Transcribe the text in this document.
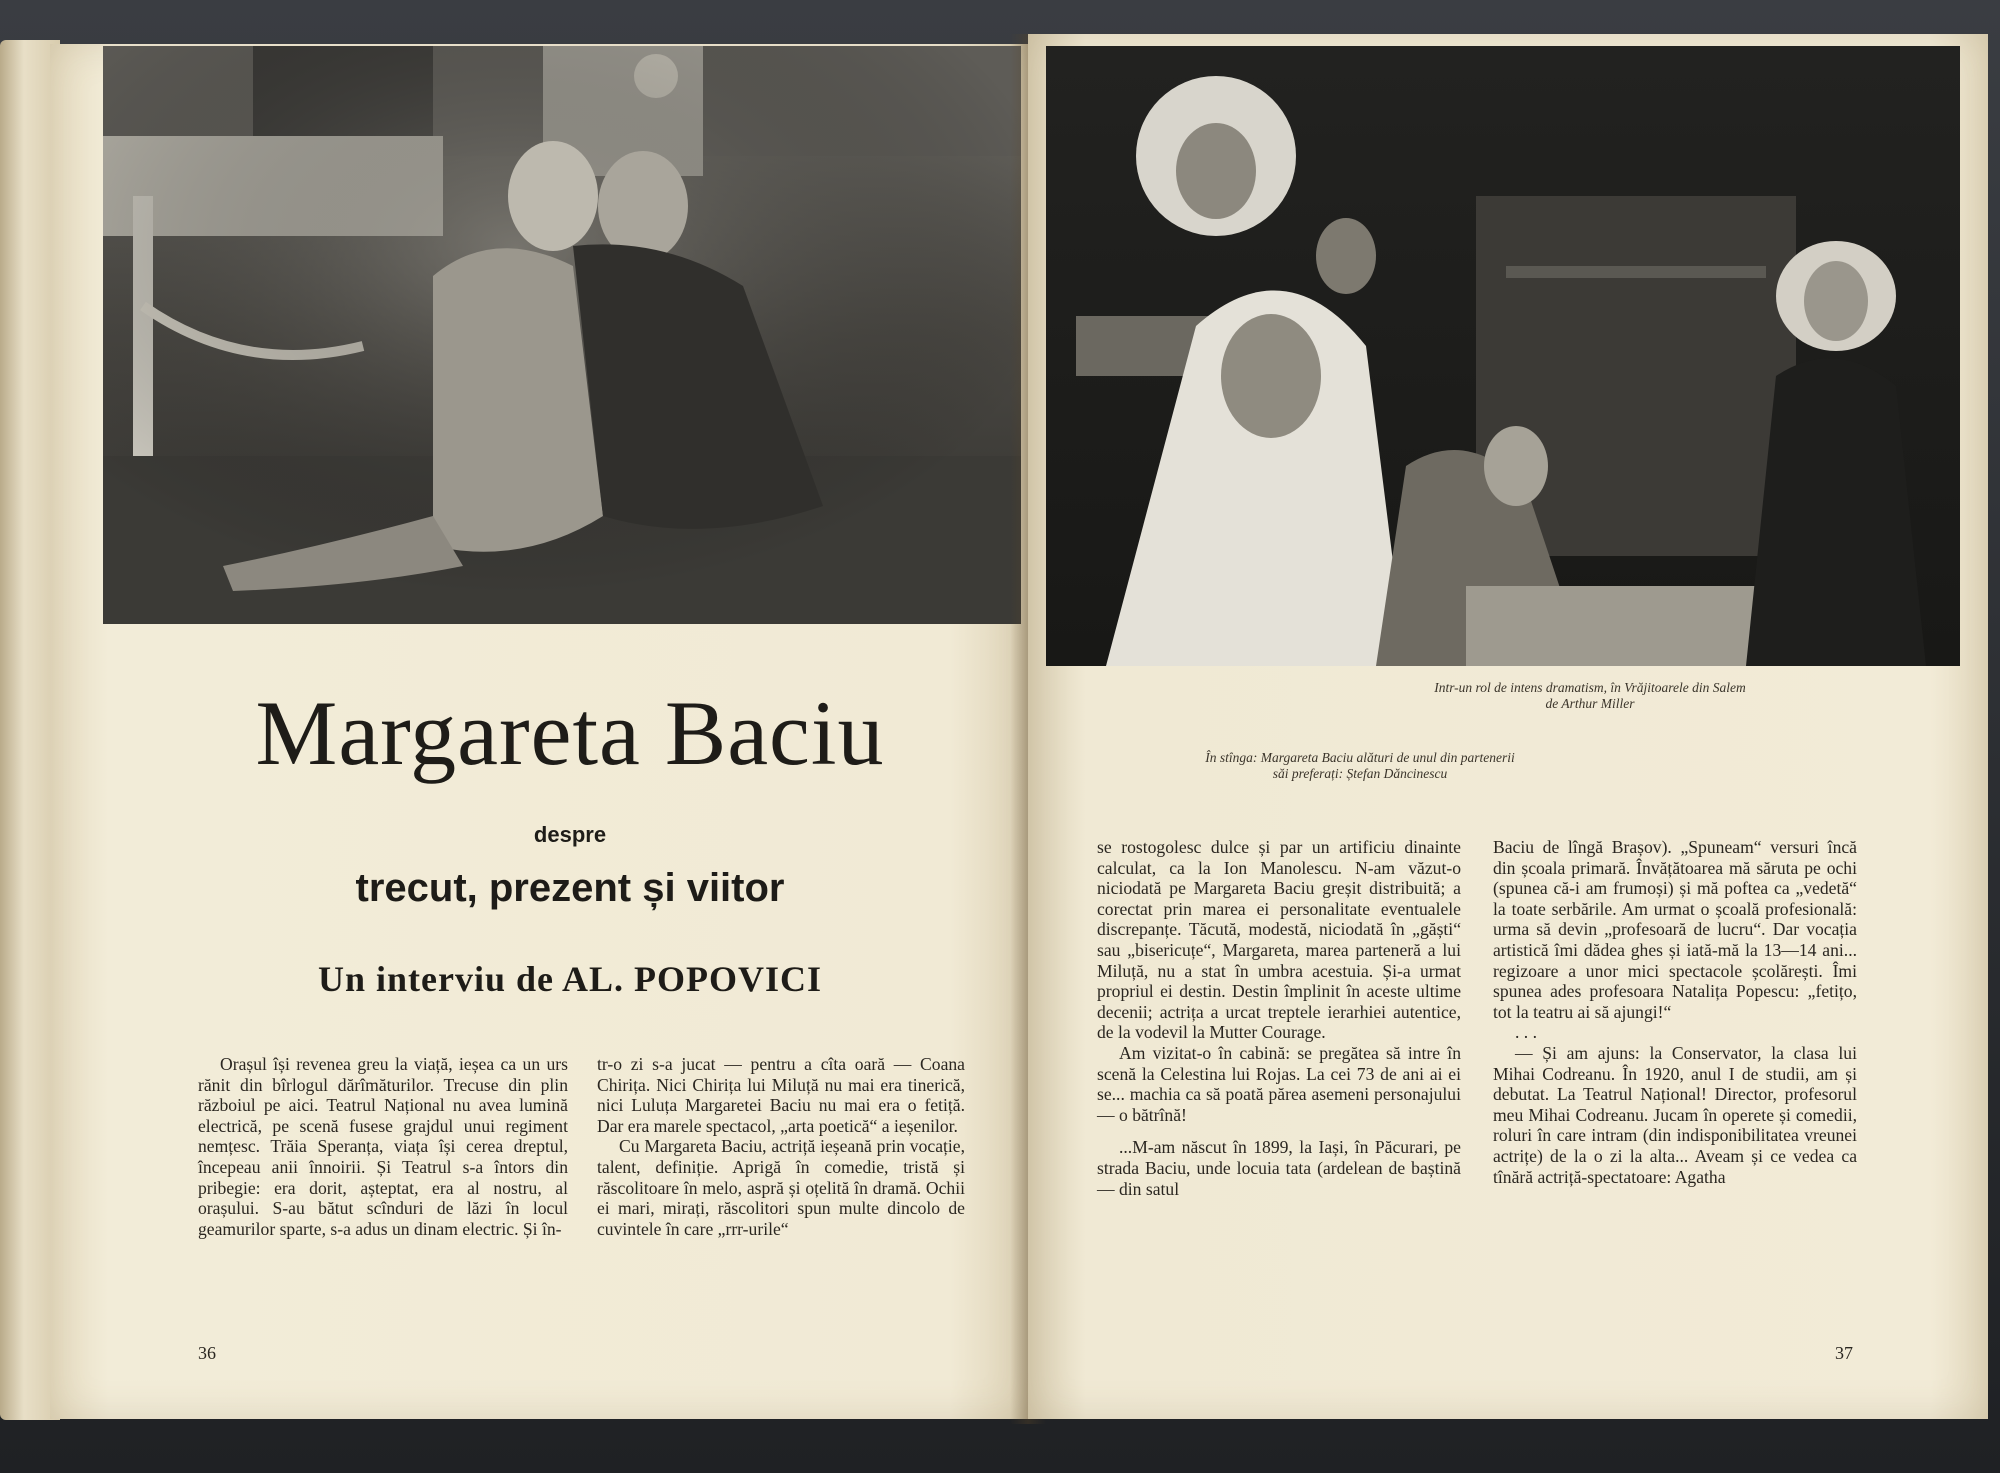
Margareta Baciu
despre
trecut, prezent și viitor
Un interviu de AL. POPOVICI

Orașul își revenea greu la viață, ieșea ca un urs rănit din bîrlogul dărîmăturilor. Trecuse din plin războiul pe aici. Teatrul Național nu avea lumină electrică, pe scenă fusese grajdul unui regiment nemțesc. Trăia Speranța, viața își cerea dreptul, începeau anii înnoirii. Și Teatrul s-a întors din pribegie: era dorit, așteptat, era al nostru, al orașului. S-au bătut scînduri de lăzi în locul geamurilor sparte, s-a adus un dinam electric. Și în-

tr-o zi s-a jucat — pentru a cîta oară — Coana Chirița. Nici Chirița lui Miluță nu mai era tinerică, nici Luluța Margaretei Baciu nu mai era o fetiță. Dar era marele spectacol, „arta poetică“ a ieșenilor.

Cu Margareta Baciu, actriță ieșeană prin vocație, talent, definiție. Aprigă în comedie, tristă și răscolitoare în melo, aspră și oțelită în dramă. Ochii ei mari, mirați, răscolitori spun multe dincolo de cuvintele în care „rrr-urile“

36
Intr-un rol de intens dramatism, în Vrăjitoarele din Salem
de Arthur Miller
În stînga: Margareta Baciu alături de unul din partenerii
săi preferați: Ștefan Dăncinescu

se rostogolesc dulce și par un artificiu dinainte calculat, ca la Ion Manolescu. N-am văzut-o niciodată pe Margareta Baciu greșit distribuită; a corectat prin marea ei personalitate eventualele discrepanțe. Tăcută, modestă, niciodată în „găști“ sau „bisericuțe“, Margareta, marea parteneră a lui Miluță, nu a stat în umbra acestuia. Și-a urmat propriul ei destin. Destin împlinit în aceste ultime decenii; actrița a urcat treptele ierarhiei autentice, de la vodevil la Mutter Courage.

Am vizitat-o în cabină: se pregătea să intre în scenă la Celestina lui Rojas. La cei 73 de ani ai ei se... machia ca să poată părea asemeni personajului — o bătrînă!

...M-am născut în 1899, la Iași, în Păcurari, pe strada Baciu, unde locuia tata (ardelean de baștină — din satul

Baciu de lîngă Brașov). „Spuneam“ versuri încă din școala primară. Învățătoarea mă săruta pe ochi (spunea că-i am frumoși) și mă poftea ca „vedetă“ la toate serbările. Am urmat o școală profesională: urma să devin „profesoară de lucru“. Dar vocația artistică îmi dădea ghes și iată-mă la 13—14 ani... regizoare a unor mici spectacole școlărești. Îmi spunea ades profesoara Natalița Popescu: „fetițo, tot la teatru ai să ajungi!“

. . .

— Și am ajuns: la Conservator, la clasa lui Mihai Codreanu. În 1920, anul I de studii, am și debutat. La Teatrul Național! Director, profesorul meu Mihai Codreanu. Jucam în operete și comedii, roluri în care intram (din indisponibilitatea vreunei actrițe) de la o zi la alta... Aveam și ce vedea ca tînără actriță-spectatoare: Agatha

37
